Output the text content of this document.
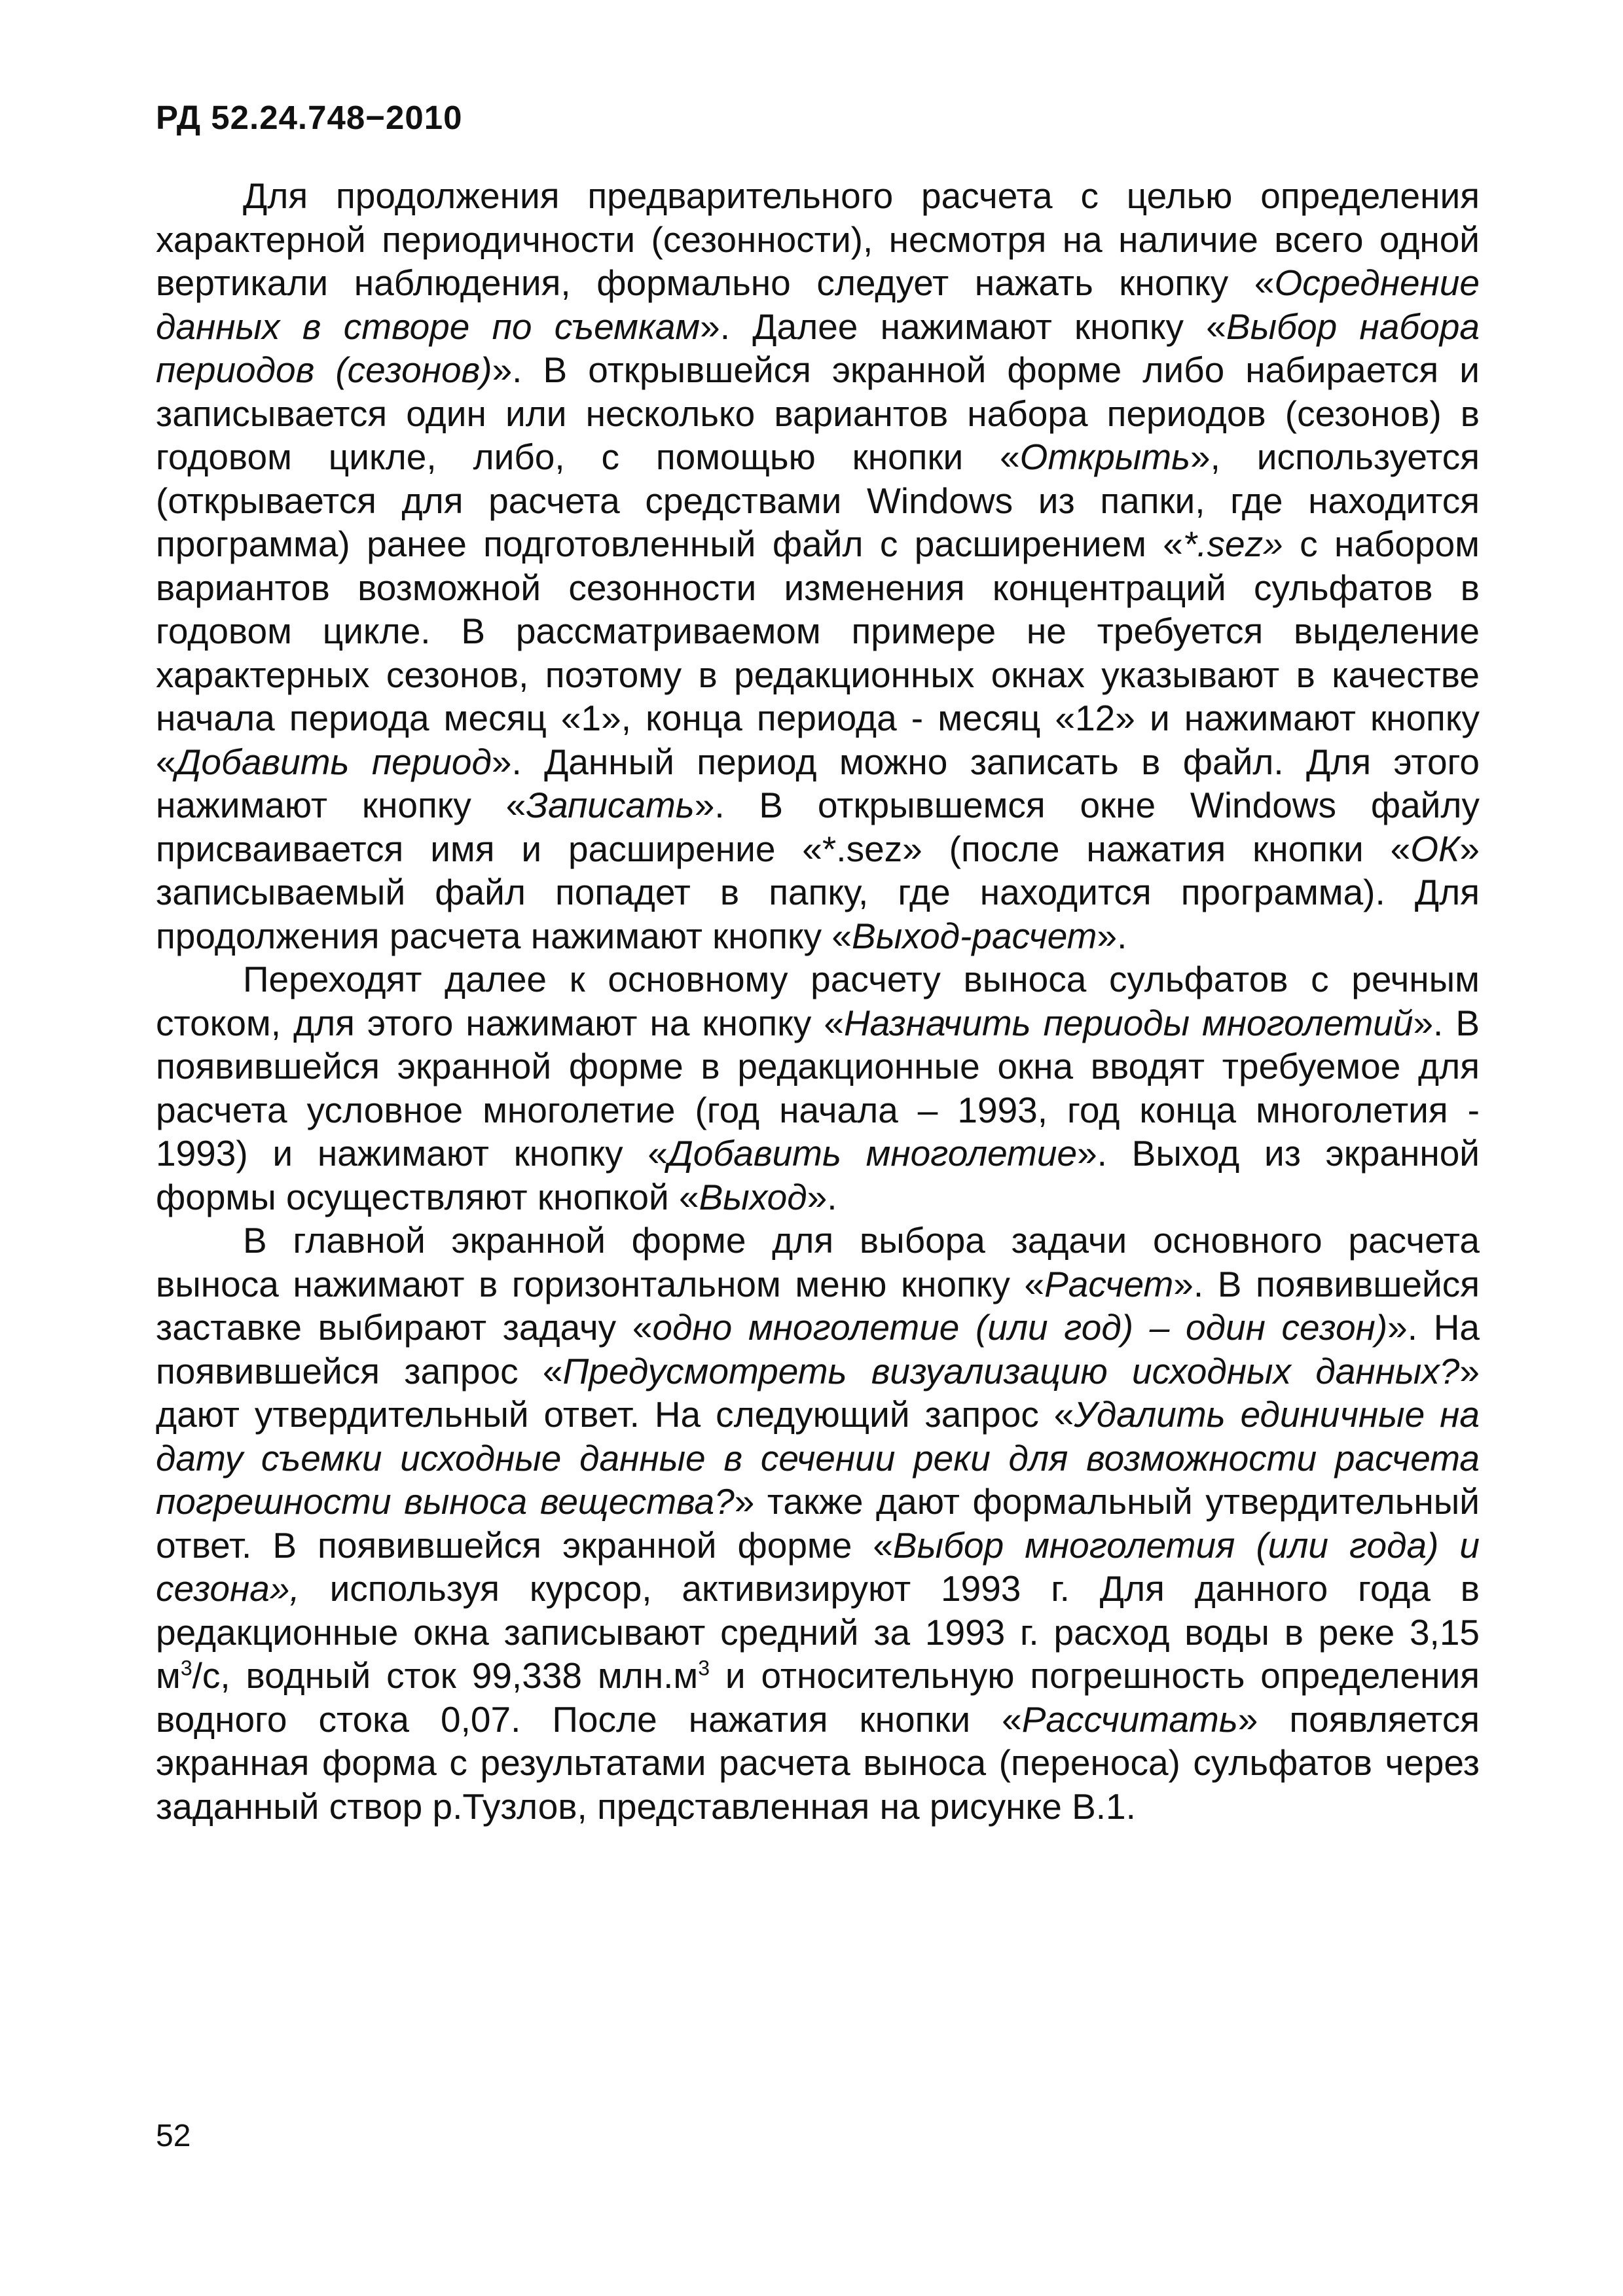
РД 52.24.748−2010

Для продолжения предварительного расчета с целью определения характерной периодичности (сезонности), несмотря на наличие всего одной вертикали наблюдения, формально следует нажать кнопку «Осреднение данных в створе по съемкам». Далее нажимают кнопку «Выбор набора периодов (сезонов)». В открывшейся экранной форме либо набирается и записывается один или несколько вариантов набора периодов (сезонов) в годовом цикле, либо, с помощью кнопки «Открыть», используется (открывается для расчета средствами Windows из папки, где находится программа) ранее подготовленный файл с расширением «*.sez» с набором вариантов возможной сезонности изменения концентраций сульфатов в годовом цикле. В рассматриваемом примере не требуется выделение характерных сезонов, поэтому в редакционных окнах указывают в качестве начала периода месяц «1», конца периода - месяц «12» и нажимают кнопку «Добавить период». Данный период можно записать в файл. Для этого нажимают кнопку «Записать». В открывшемся окне Windows файлу присваивается имя и расширение «*.sez» (после нажатия кнопки «ОК» записываемый файл попадет в папку, где находится программа). Для продолжения расчета нажимают кнопку «Выход-расчет».

Переходят далее к основному расчету выноса сульфатов с речным стоком, для этого нажимают на кнопку «Назначить периоды многолетий». В появившейся экранной форме в редакционные окна вводят требуемое для расчета условное многолетие (год начала – 1993, год конца многолетия - 1993) и нажимают кнопку «Добавить многолетие». Выход из экранной формы осуществляют кнопкой «Выход».

В главной экранной форме для выбора задачи основного расчета выноса нажимают в горизонтальном меню кнопку «Расчет». В появившейся заставке выбирают задачу «одно многолетие (или год) – один сезон)». На появившейся запрос «Предусмотреть визуализацию исходных данных?» дают утвердительный ответ. На следующий запрос «Удалить единичные на дату съемки исходные данные в сечении реки для возможности расчета погрешности выноса вещества?» также дают формальный утвердительный ответ. В появившейся экранной форме «Выбор многолетия (или года) и сезона», используя курсор, активизируют 1993 г. Для данного года в редакционные окна записывают средний за 1993 г. расход воды в реке 3,15 $м^3/с$, водный сток 99,338 $млн.м^3$ и относительную погрешность определения водного стока 0,07. После нажатия кнопки «Рассчитать» появляется экранная форма с результатами расчета выноса (переноса) сульфатов через заданный створ р.Тузлов, представленная на рисунке В.1.

52
